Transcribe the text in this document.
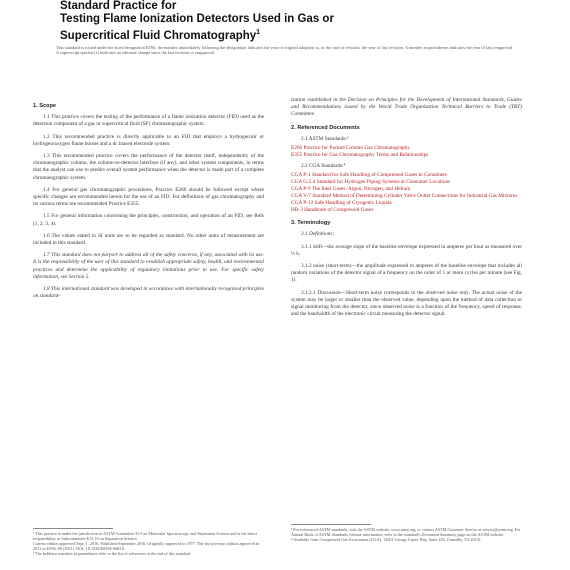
Standard Practice for
Testing Flame Ionization Detectors Used in Gas or
Supercritical Fluid Chromatography$^1$
This standard is issued under the fixed designation E594; the number immediately following the designation indicates the year of original adoption or, in the case of revision, the year of last revision. A number in parentheses indicates the year of last reapproval. A superscript epsilon (ε) indicates an editorial change since the last revision or reapproval.
1. Scope

1.1 This practice covers the testing of the performance of a flame ionization detector (FID) used as the detection component of a gas or supercritical fluid (SF) chromatographic system.

1.2 This recommended practice is directly applicable to an FID that employs a hydrogen/air or hydrogen/oxygen flame burner and a dc biased electrode system.

1.3 This recommended practice covers the performance of the detector itself, independently of the chromatographic column, the column-to-detector interface (if any), and other system components, in terms that the analyst can use to predict overall system performance when the detector is made part of a complete chromatographic system.

1.4 For general gas chromatographic procedures, Practice E260 should be followed except where specific changes are recommended herein for the use of an FID. For definitions of gas chromatography and its various terms see recommended Practice E355.

1.5 For general information concerning the principles, construction, and operation of an FID, see Refs (1, 2, 3, 4).

1.6 The values stated in SI units are to be regarded as standard. No other units of measurement are included in this standard.

1.7 This standard does not purport to address all of the safety concerns, if any, associated with its use. It is the responsibility of the user of this standard to establish appropriate safety, health, and environmental practices and determine the applicability of regulatory limitations prior to use. For specific safety information, see Section 5.

1.8 This international standard was developed in accordance with internationally recognized principles on standard-

¹ This practice is under the jurisdiction of ASTM Committee E13 on Molecular Spectroscopy and Separation Science and is the direct responsibility of Subcommittee E13.19 on Separation Science.
Current edition approved Sept. 1, 2016. Published September 2016. Originally approved in 1977. The last previous edition approved in 2011 as E594–96 (2011). DOI: 10.1520/E0594-96R16.
² The boldface numbers in parentheses refer to the list of references at the end of this standard.

ization established in the Decision on Principles for the Development of International Standards, Guides and Recommendations issued by the World Trade Organization Technical Barriers to Trade (TBT) Committee.

2. Referenced Documents

2.1 ASTM Standards:³

E260 Practice for Packed Column Gas Chromatography
E355 Practice for Gas Chromatography Terms and Relationships

2.2 CGA Standards:⁴

CGA P-1 Standard for Safe Handling of Compressed Gases in Containers
CGA G-5.4 Standard for Hydrogen Piping Systems at Consumer Locations
CGA P-9 The Inert Gases: Argon, Nitrogen, and Helium
CGA V-7 Standard Method of Determining Cylinder Valve Outlet Connections for Industrial Gas Mixtures
CGA P-12 Safe Handling of Cryogenic Liquids
HB-3 Handbook of Compressed Gases
3. Terminology

3.1 Definitions:

3.1.1 drift—the average slope of the baseline envelope expressed in amperes per hour as measured over ½ h.

3.1.2 noise (short-term)—the amplitude expressed in amperes of the baseline envelope that includes all random variations of the detector signal of a frequency on the order of 1 or more cycles per minute (see Fig. 1).

3.1.2.1 Discussion—Short-term noise corresponds to the observed noise only. The actual noise of the system may be larger or smaller than the observed value, depending upon the method of data collection or signal monitoring from the detector, since observed noise is a function of the frequency, speed of response, and the bandwidth of the electronic circuit measuring the detector signal.

³ For referenced ASTM standards, visit the ASTM website, www.astm.org, or contact ASTM Customer Service at service@astm.org. For Annual Book of ASTM Standards volume information, refer to the standard's Document Summary page on the ASTM website.
⁴ Available from Compressed Gas Association (CGA), 14501 George Carter Way, Suite 103, Chantilly, VA 20151.
